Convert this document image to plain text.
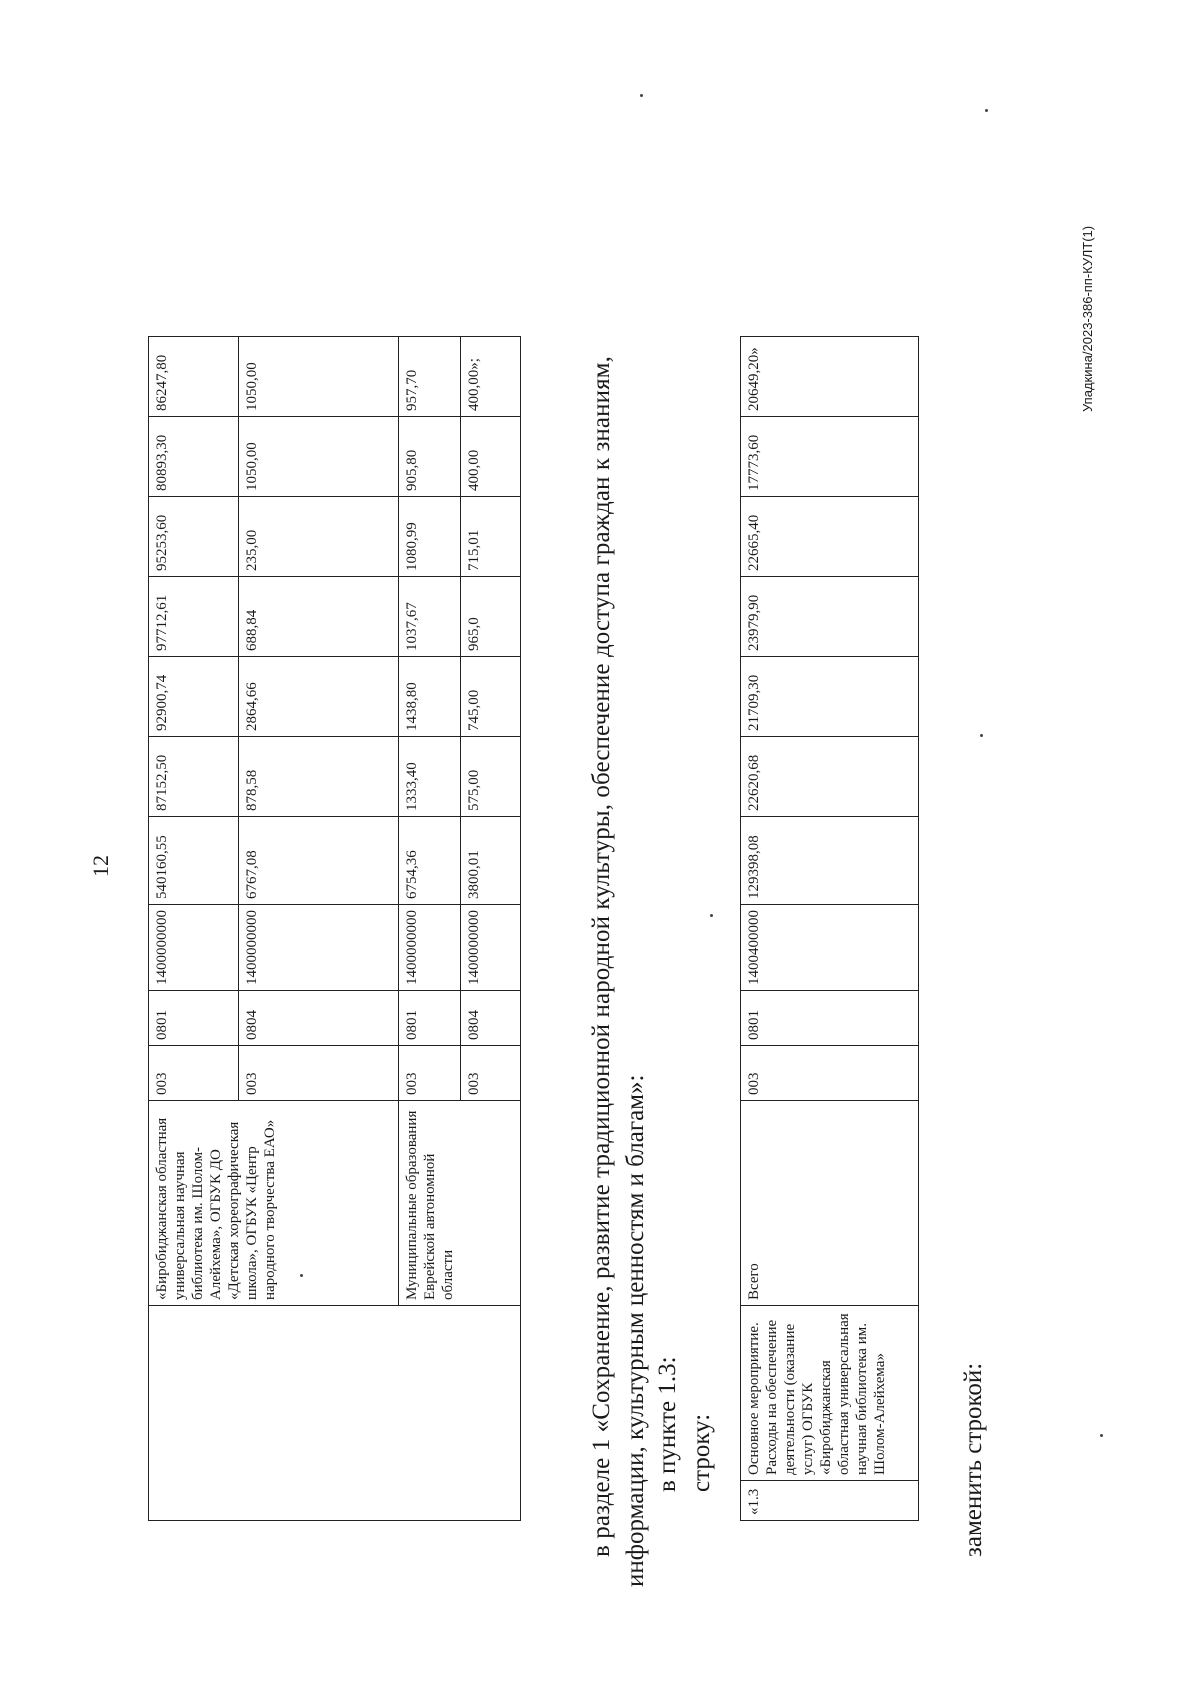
12
	«Биробиджанская областная универсальная научная библиотека им. Шолом-Алейхема», ОГБУК ДО «Детская хореографическая школа», ОГБУК «Центр народного творчества ЕАО»	003	0801	1400000000	540160,55	87152,50	92900,74	97712,61	95253,60	80893,30	86247,80
		003	0804	1400000000	6767,08	878,58	2864,66	688,84	235,00	1050,00	1050,00
	Муниципальные образования Еврейской автономной области	003	0801	1400000000	6754,36	1333,40	1438,80	1037,67	1080,99	905,80	957,70
		003	0804	1400000000	3800,01	575,00	745,00	965,0	715,01	400,00	400,00»;	в разделе 1 «Сохранение, развитие традиционной народной культуры, обеспечение доступа граждан к знаниям, информации, культурным ценностям и благам»: в пункте 1.3: строку:
«1.3	Основное мероприятие. Расходы на обеспечение деятельности (оказание услуг) ОГБУК «Биробиджанская областная универсальная научная библиотека им. Шолом-Алейхема»	Всего	003	0801	1400400000	129398,08	22620,68	21709,30	23979,90	22665,40	17773,60	20649,20»
заменить строкой:
Упадкина/2023-386-пп-КУЛТ(1)
